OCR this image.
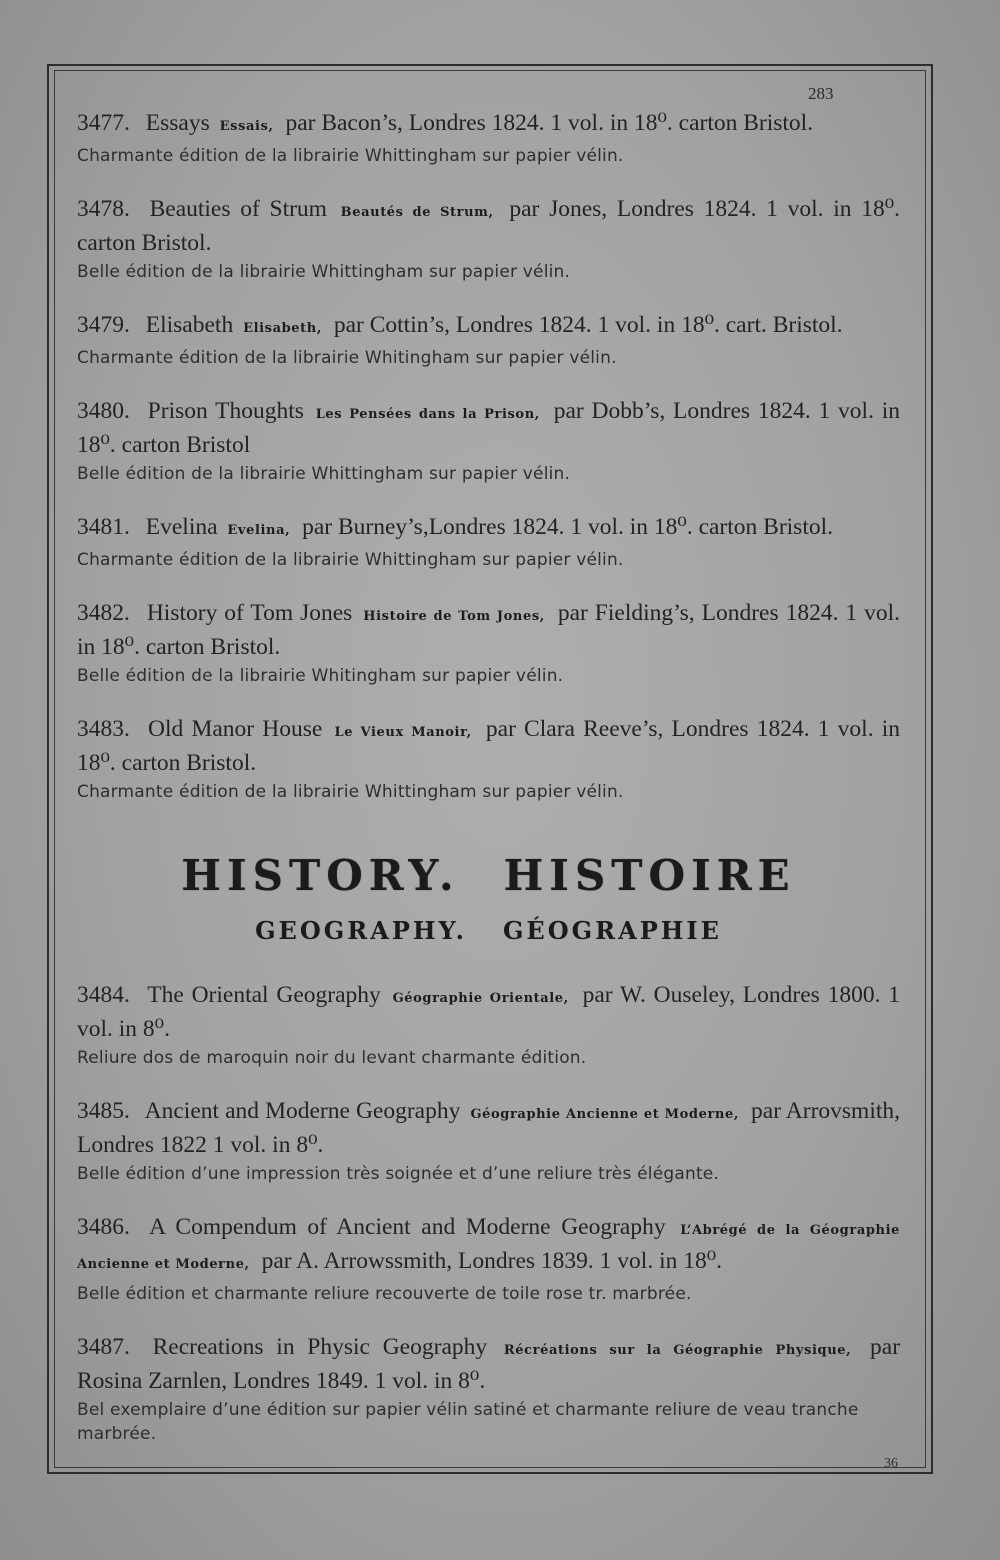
283

3477. Essays Essais, par Bacon’s, Londres 1824. 1 vol. in 18⁰. carton Bristol.

Charmante édition de la librairie Whittingham sur papier vélin.

3478. Beauties of Strum Beautés de Strum, par Jones, Londres 1824. 1 vol. in 18⁰. carton Bristol.

Belle édition de la librairie Whittingham sur papier vélin.

3479. Elisabeth Elisabeth, par Cottin’s, Londres 1824. 1 vol. in 18⁰. cart. Bristol.

Charmante édition de la librairie Whitingham sur papier vélin.

3480. Prison Thoughts Les Pensées dans la Prison, par Dobb’s, Londres 1824. 1 vol. in 18⁰. carton Bristol

Belle édition de la librairie Whittingham sur papier vélin.

3481. Evelina Evelina, par Burney’s,Londres 1824. 1 vol. in 18⁰. carton Bristol.

Charmante édition de la librairie Whittingham sur papier vélin.

3482. History of Tom Jones Histoire de Tom Jones, par Fielding’s, Londres 1824. 1 vol. in 18⁰. carton Bristol.

Belle édition de la librairie Whitingham sur papier vélin.

3483. Old Manor House Le Vieux Manoir, par Clara Reeve’s, Londres 1824. 1 vol. in 18⁰. carton Bristol.

Charmante édition de la librairie Whittingham sur papier vélin.

HISTORY. HISTOIRE
GEOGRAPHY. GÉOGRAPHIE

3484. The Oriental Geography Géographie Orientale, par W. Ouseley, Londres 1800. 1 vol. in 8⁰.

Reliure dos de maroquin noir du levant charmante édition.

3485. Ancient and Moderne Geography Géographie Ancienne et Moderne, par Arrovsmith, Londres 1822 1 vol. in 8⁰.

Belle édition d’une impression très soignée et d’une reliure très élégante.

3486. A Compendum of Ancient and Moderne Geography L’Abrégé de la Géographie Ancienne et Moderne, par A. Arrowssmith, Londres 1839. 1 vol. in 18⁰.

Belle édition et charmante reliure recouverte de toile rose tr. marbrée.

3487. Recreations in Physic Geography Récréations sur la Géographie Physique, par Rosina Zarnlen, Londres 1849. 1 vol. in 8⁰.

Bel exemplaire d’une édition sur papier vélin satiné et charmante reliure de veau tranche marbrée.

36
